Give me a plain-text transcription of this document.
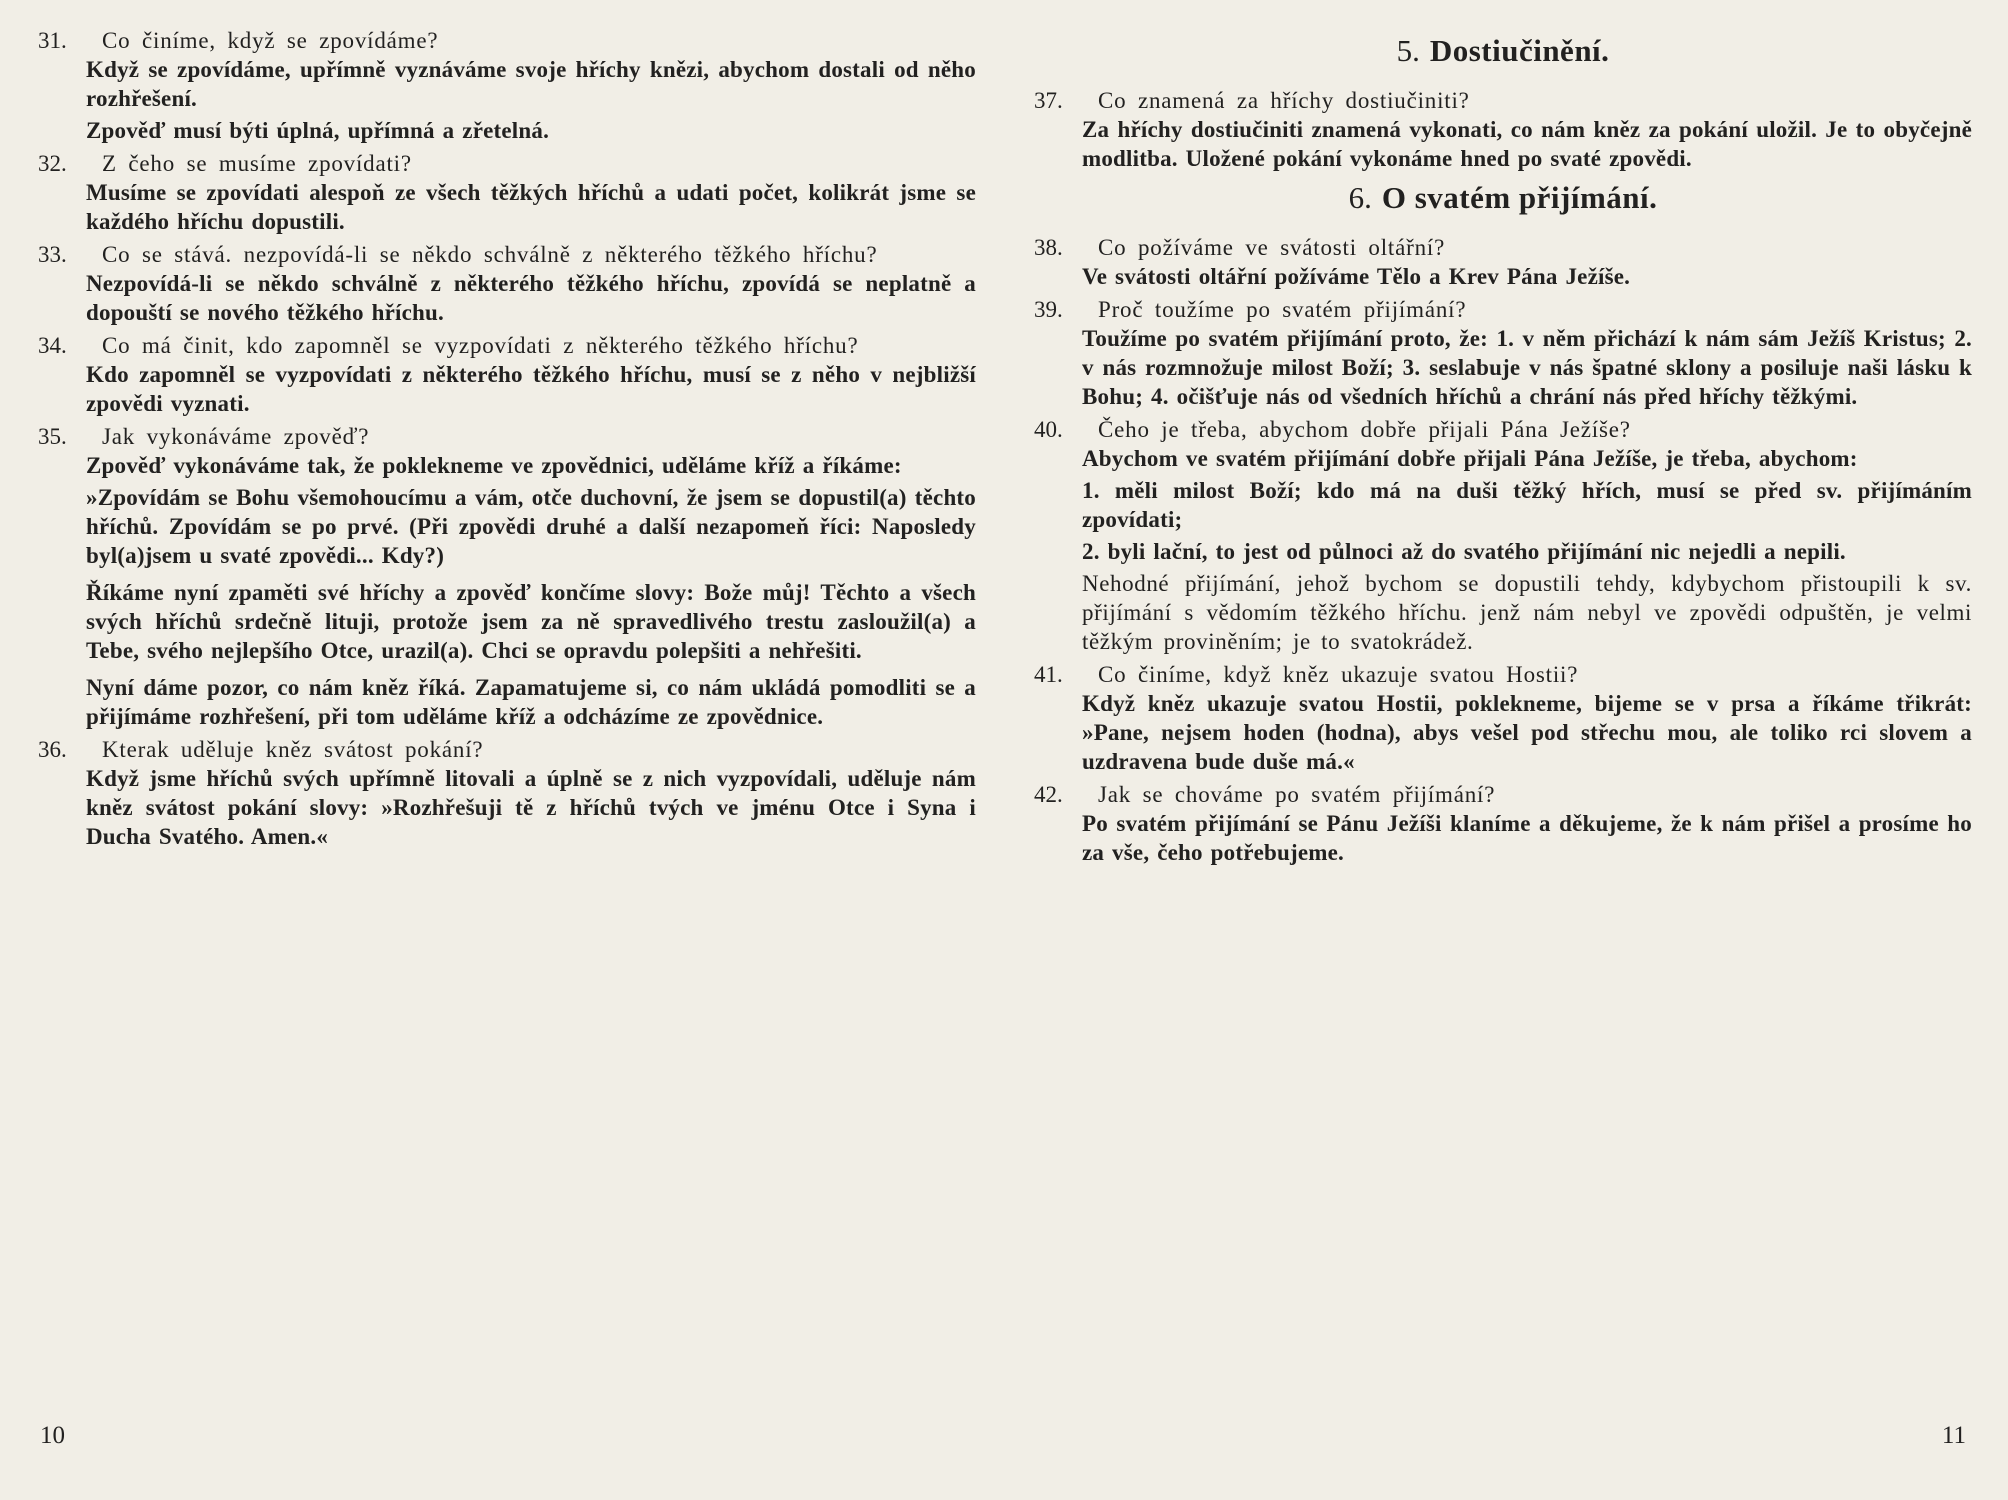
31. Co činíme, když se zpovídáme?
Když se zpovídáme, upřímně vyznáváme svoje hříchy knězi, abychom dostali od něho rozhřešení.
Zpověď musí býti úplná, upřímná a zřetelná.
32. Z čeho se musíme zpovídati?
Musíme se zpovídati alespoň ze všech těžkých hříchů a udati počet, kolikrát jsme se každého hříchu dopustili.
33. Co se stává. nezpovídá-li se někdo schválně z některého těžkého hříchu?
Nezpovídá-li se někdo schválně z některého těžkého hříchu, zpovídá se neplatně a dopouští se nového těžkého hříchu.
34. Co má činit, kdo zapomněl se vyzpovídati z některého těžkého hříchu?
Kdo zapomněl se vyzpovídati z některého těžkého hříchu, musí se z něho v nejbližší zpovědi vyznati.
35. Jak vykonáváme zpověď?
Zpověď vykonáváme tak, že poklekneme ve zpovědnici, uděláme kříž a říkáme:
»Zpovídám se Bohu všemohoucímu a vám, otče duchovní, že jsem se dopustil(a) těchto hříchů. Zpovídám se po prvé. (Při zpovědi druhé a další nezapomeň říci: Naposledy byl(a)jsem u svaté zpovědi... Kdy?)
Říkáme nyní zpaměti své hříchy a zpověď končíme slovy: Bože můj! Těchto a všech svých hříchů srdečně lituji, protože jsem za ně spravedlivého trestu zasloužil(a) a Tebe, svého nejlepšího Otce, urazil(a). Chci se opravdu polepšiti a nehřešiti.
Nyní dáme pozor, co nám kněz říká. Zapamatujeme si, co nám ukládá pomodliti se a přijímáme rozhřešení, při tom uděláme kříž a odcházíme ze zpovědnice.
36. Kterak uděluje kněz svátost pokání?
Když jsme hříchů svých upřímně litovali a úplně se z nich vyzpovídali, uděluje nám kněz svátost pokání slovy: »Rozhřešuji tě z hříchů tvých ve jménu Otce i Syna i Ducha Svatého. Amen.«
10
5. Dostiučinění.
37. Co znamená za hříchy dostiučiniti?
Za hříchy dostiučiniti znamená vykonati, co nám kněz za pokání uložil. Je to obyčejně modlitba. Uložené pokání vykonáme hned po svaté zpovědi.
6. O svatém přijímání.
38. Co požíváme ve svátosti oltářní?
Ve svátosti oltářní požíváme Tělo a Krev Pána Ježíše.
39. Proč toužíme po svatém přijímání?
Toužíme po svatém přijímání proto, že: 1. v něm přichází k nám sám Ježíš Kristus; 2. v nás rozmnožuje milost Boží; 3. seslabuje v nás špatné sklony a posiluje naši lásku k Bohu; 4. očišťuje nás od všedních hříchů a chrání nás před hříchy těžkými.
40. Čeho je třeba, abychom dobře přijali Pána Ježíše?
Abychom ve svatém přijímání dobře přijali Pána Ježíše, je třeba, abychom:
1. měli milost Boží; kdo má na duši těžký hřích, musí se před sv. přijímáním zpovídati;
2. byli lační, to jest od půlnoci až do svatého přijímání nic nejedli a nepili.
Nehodné přijímání, jehož bychom se dopustili tehdy, kdybychom přistoupili k sv. přijímání s vědomím těžkého hříchu. jenž nám nebyl ve zpovědi odpuštěn, je velmi těžkým proviněním; je to svatokrádež.
41. Co činíme, když kněz ukazuje svatou Hostii?
Když kněz ukazuje svatou Hostii, poklekneme, bijeme se v prsa a říkáme třikrát: »Pane, nejsem hoden (hodna), abys vešel pod střechu mou, ale toliko rci slovem a uzdravena bude duše má.«
42. Jak se chováme po svatém přijímání?
Po svatém přijímání se Pánu Ježíši klaníme a děkujeme, že k nám přišel a prosíme ho za vše, čeho potřebujeme.
11
